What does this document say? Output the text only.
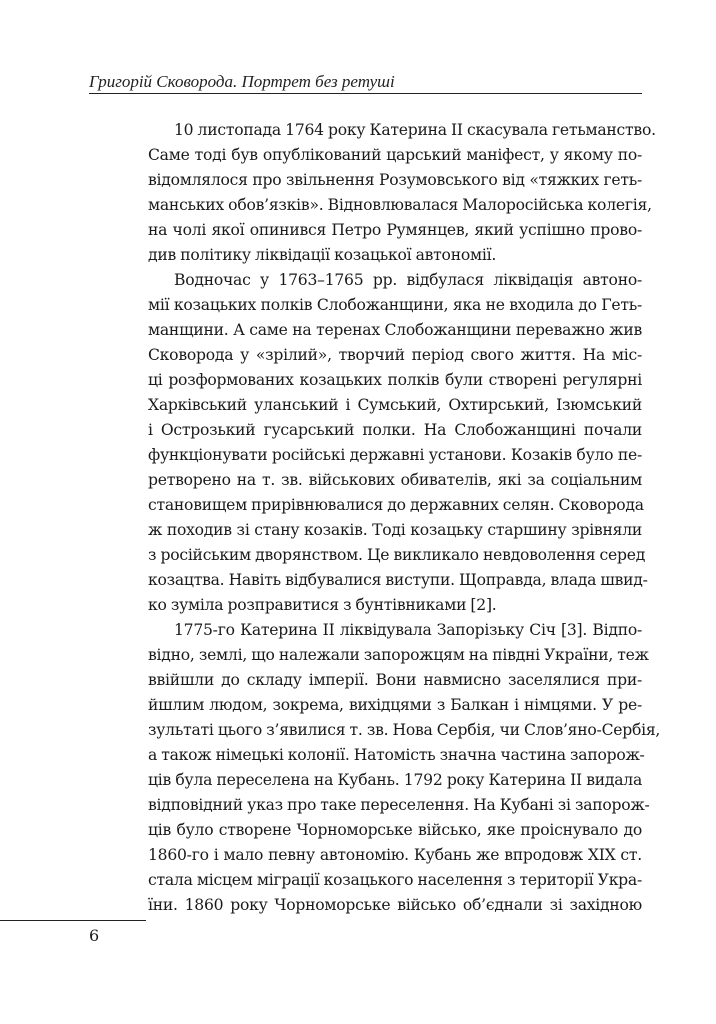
Григорій Сковорода. Портрет без ретуші
10 листопада 1764 року Катерина ІІ скасувала гетьманство.
Саме тоді був опублікований царський маніфест, у якому по-
відомлялося про звільнення Розумовського від «тяжких геть-
манських обов’язків». Відновлювалася Малоросійська колегія,
на чолі якої опинився Петро Румянцев, який успішно прово-
див політику ліквідації козацької автономії.
Водночас у 1763–1765 рр. відбулася ліквідація автоно-
мії козацьких полків Слобожанщини, яка не входила до Геть-
манщини. А саме на теренах Слобожанщини переважно жив
Сковорода у «зрілий», творчий період свого життя. На міс-
ці розформованих козацьких полків були створені регулярні
Харківський уланський і Сумський, Охтирський, Ізюмський
і Острозький гусарський полки. На Слобожанщині почали
функціонувати російські державні установи. Козаків було пе-
ретворено на т. зв. військових обивателів, які за соціальним
становищем прирівнювалися до державних селян. Сковорода
ж походив зі стану козаків. Тоді козацьку старшину зрівняли
з російським дворянством. Це викликало невдоволення серед
козацтва. Навіть відбувалися виступи. Щоправда, влада швид-
ко зуміла розправитися з бунтівниками [2].
1775-го Катерина ІІ ліквідувала Запорізьку Січ [3]. Відпо-
відно, землі, що належали запорожцям на півдні України, теж
ввійшли до складу імперії. Вони навмисно заселялися при-
йшлим людом, зокрема, вихідцями з Балкан і німцями. У ре-
зультаті цього з’явилися т. зв. Нова Сербія, чи Слов’яно-Сербія,
а також німецькі колонії. Натомість значна частина запорож-
ців була переселена на Кубань. 1792 року Катерина ІІ видала
відповідний указ про таке переселення. На Кубані зі запорож-
ців було створене Чорноморське військо, яке проіснувало до
1860-го і мало певну автономію. Кубань же впродовж XIX ст.
стала місцем міграції козацького населення з території Укра-
їни. 1860 року Чорноморське військо об’єднали зі західною
6
